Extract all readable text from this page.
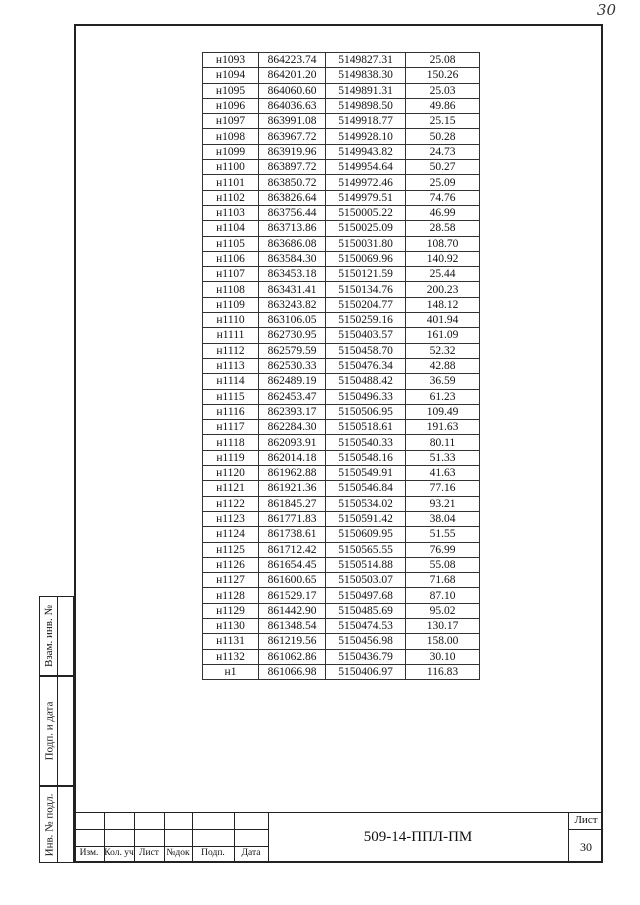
30
н1093	864223.74	5149827.31	25.08
н1094	864201.20	5149838.30	150.26
н1095	864060.60	5149891.31	25.03
н1096	864036.63	5149898.50	49.86
н1097	863991.08	5149918.77	25.15
н1098	863967.72	5149928.10	50.28
н1099	863919.96	5149943.82	24.73
н1100	863897.72	5149954.64	50.27
н1101	863850.72	5149972.46	25.09
н1102	863826.64	5149979.51	74.76
н1103	863756.44	5150005.22	46.99
н1104	863713.86	5150025.09	28.58
н1105	863686.08	5150031.80	108.70
н1106	863584.30	5150069.96	140.92
н1107	863453.18	5150121.59	25.44
н1108	863431.41	5150134.76	200.23
н1109	863243.82	5150204.77	148.12
н1110	863106.05	5150259.16	401.94
н1111	862730.95	5150403.57	161.09
н1112	862579.59	5150458.70	52.32
н1113	862530.33	5150476.34	42.88
н1114	862489.19	5150488.42	36.59
н1115	862453.47	5150496.33	61.23
н1116	862393.17	5150506.95	109.49
н1117	862284.30	5150518.61	191.63
н1118	862093.91	5150540.33	80.11
н1119	862014.18	5150548.16	51.33
н1120	861962.88	5150549.91	41.63
н1121	861921.36	5150546.84	77.16
н1122	861845.27	5150534.02	93.21
н1123	861771.83	5150591.42	38.04
н1124	861738.61	5150609.95	51.55
н1125	861712.42	5150565.55	76.99
н1126	861654.45	5150514.88	55.08
н1127	861600.65	5150503.07	71.68
н1128	861529.17	5150497.68	87.10
н1129	861442.90	5150485.69	95.02
н1130	861348.54	5150474.53	130.17
н1131	861219.56	5150456.98	158.00
н1132	861062.86	5150436.79	30.10
н1	861066.98	5150406.97	116.83
Взам. инв. №
Подп. и дата
Инв. № подл.	Изм. Кол. уч Лист №док	Подп.	Дата
509-14-ППЛ-ПМ
Лист
30
